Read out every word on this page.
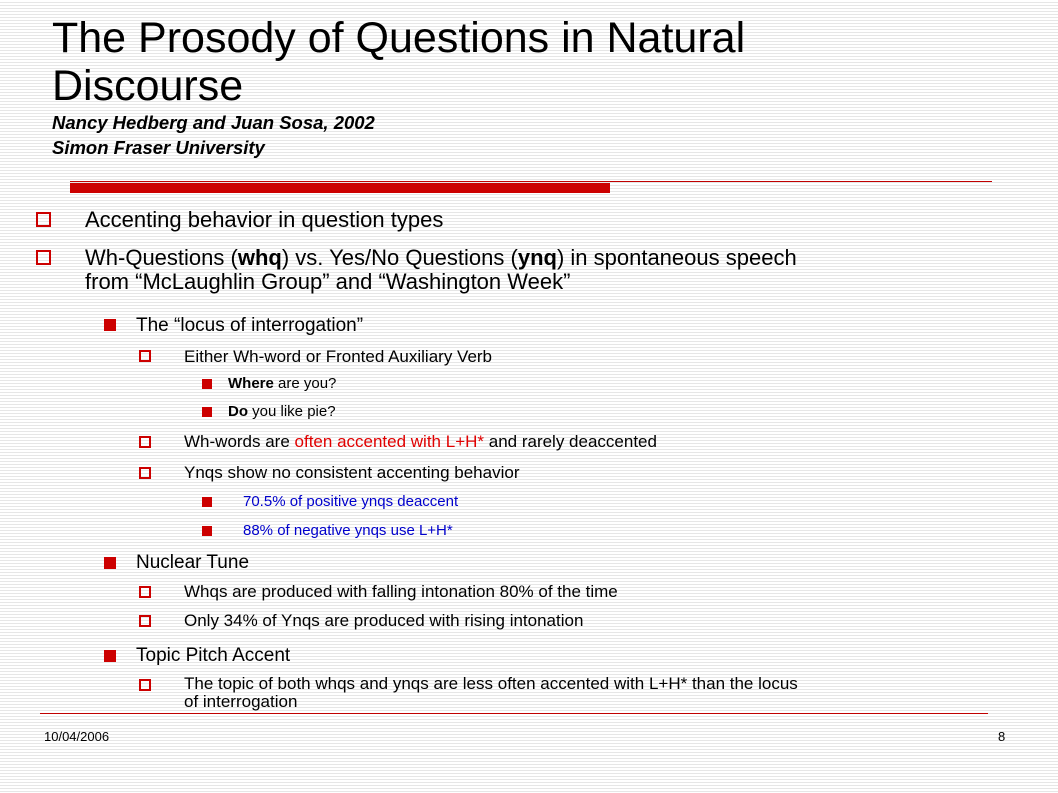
The Prosody of Questions in Natural
Discourse
Nancy Hedberg and Juan Sosa, 2002
Simon Fraser University
Accenting behavior in question types
Wh-Questions (whq) vs. Yes/No Questions (ynq) in spontaneous speech
from “McLaughlin Group” and “Washington Week”
The “locus of interrogation”
Either Wh-word or Fronted Auxiliary Verb
Where are you?
Do you like pie?
Wh-words are often accented with L+H* and rarely deaccented
Ynqs show no consistent accenting behavior
70.5% of positive ynqs deaccent
88% of negative ynqs use L+H*
Nuclear Tune
Whqs are produced with falling intonation 80% of the time
Only 34% of Ynqs are produced with rising intonation
Topic Pitch Accent
The topic of both whqs and ynqs are less often accented with L+H* than the locus
of interrogation
10/04/2006	8
